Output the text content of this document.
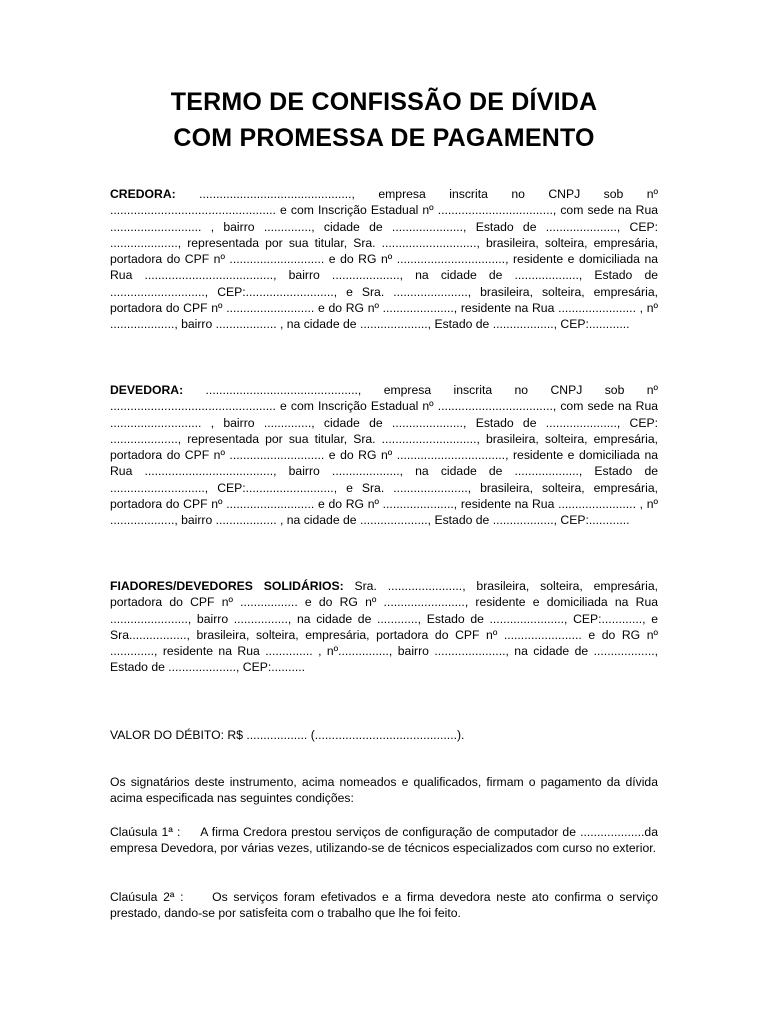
TERMO DE CONFISSÃO DE DÍVIDA
COM PROMESSA DE PAGAMENTO

CREDORA: ............................................., empresa inscrita no CNPJ sob nº ................................................. e com Inscrição Estadual nº .................................., com sede na Rua ........................... , bairro .............., cidade de ....................., Estado de ....................., CEP: ...................., representada por sua titular, Sra. ............................, brasileira, solteira, empresária, portadora do CPF nº ............................ e do RG nº ................................, residente e domiciliada na Rua ......................................, bairro ...................., na cidade de ..................., Estado de ............................, CEP:.........................., e Sra. ......................, brasileira, solteira, empresária, portadora do CPF nº .......................... e do RG nº ....................., residente na Rua ....................... , nº ..................., bairro .................. , na cidade de ...................., Estado de .................., CEP:............

DEVEDORA: ............................................., empresa inscrita no CNPJ sob nº ................................................. e com Inscrição Estadual nº .................................., com sede na Rua ........................... , bairro .............., cidade de ....................., Estado de ....................., CEP: ...................., representada por sua titular, Sra. ............................, brasileira, solteira, empresária, portadora do CPF nº ............................ e do RG nº ................................, residente e domiciliada na Rua ......................................, bairro ...................., na cidade de ..................., Estado de ............................, CEP:.........................., e Sra. ......................, brasileira, solteira, empresária, portadora do CPF nº .......................... e do RG nº ....................., residente na Rua ....................... , nº ..................., bairro .................. , na cidade de ...................., Estado de .................., CEP:............

FIADORES/DEVEDORES SOLIDÁRIOS: Sra. ......................, brasileira, solteira, empresária, portadora do CPF nº ................. e do RG nº ........................, residente e domiciliada na Rua ......................., bairro ................, na cidade de ............, Estado de ......................, CEP:............, e Sra................., brasileira, solteira, empresária, portadora do CPF nº ....................... e do RG nº ............., residente na Rua .............. , nº..............., bairro ....................., na cidade de .................., Estado de ...................., CEP:..........

VALOR DO DÉBITO: R$ .................. (..........................................).

Os signatários deste instrumento, acima nomeados e qualificados, firmam o pagamento da dívida acima especificada nas seguintes condições:

Claúsula 1ª : A firma Credora prestou serviços de configuração de computador de ...................da empresa Devedora, por várias vezes, utilizando-se de técnicos especializados com curso no exterior.

Claúsula 2ª : Os serviços foram efetivados e a firma devedora neste ato confirma o serviço prestado, dando-se por satisfeita com o trabalho que lhe foi feito.
